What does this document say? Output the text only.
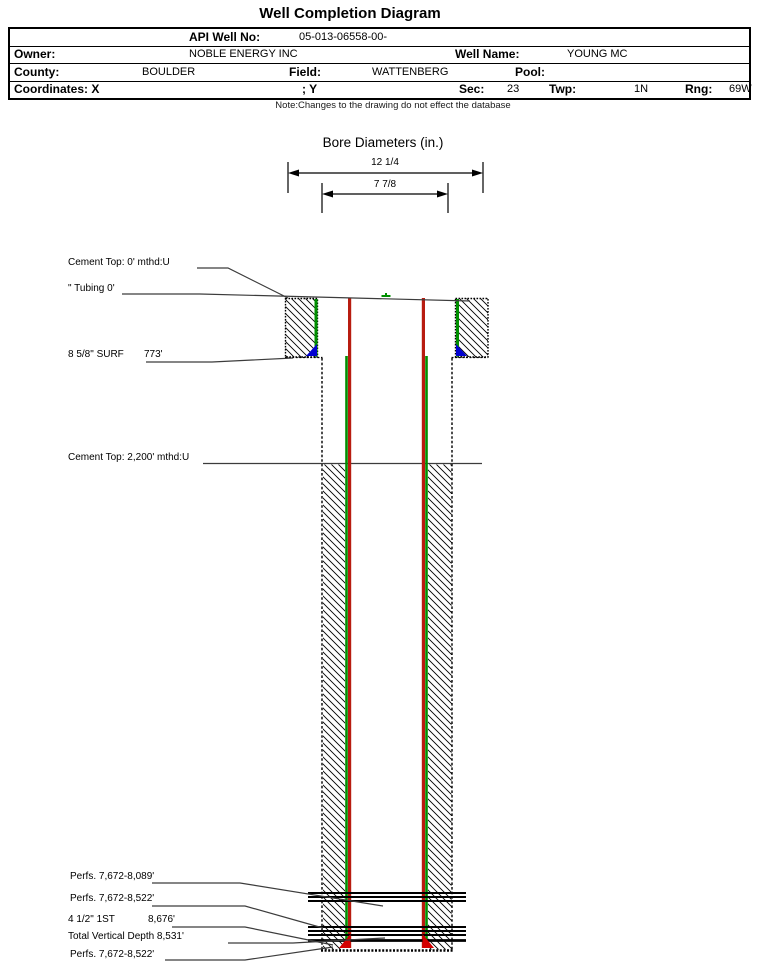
Well Completion Diagram
API Well No:	05-013-06558-00-
Owner:	NOBLE ENERGY INC	Well Name:	YOUNG MC
County:	BOULDER	Field:	WATTENBERG	Pool:
Coordinates: X	; Y	Sec: 23 Twp:	1N	Rng: 69W
Note:Changes to the drawing do not effect the database
Bore Diameters (in.)
12 1/4
7 7/8
Cement Top: 0' mthd:U
" Tubing 0'
8 5/8" SURF 773'
Cement Top: 2,200' mthd:U
Perfs. 7,672-8,089'
Perfs. 7,672-8,522'
4 1/2" 1ST	8,676'
Total Vertical Depth 8,531'
Perfs. 7,672-8,522'
